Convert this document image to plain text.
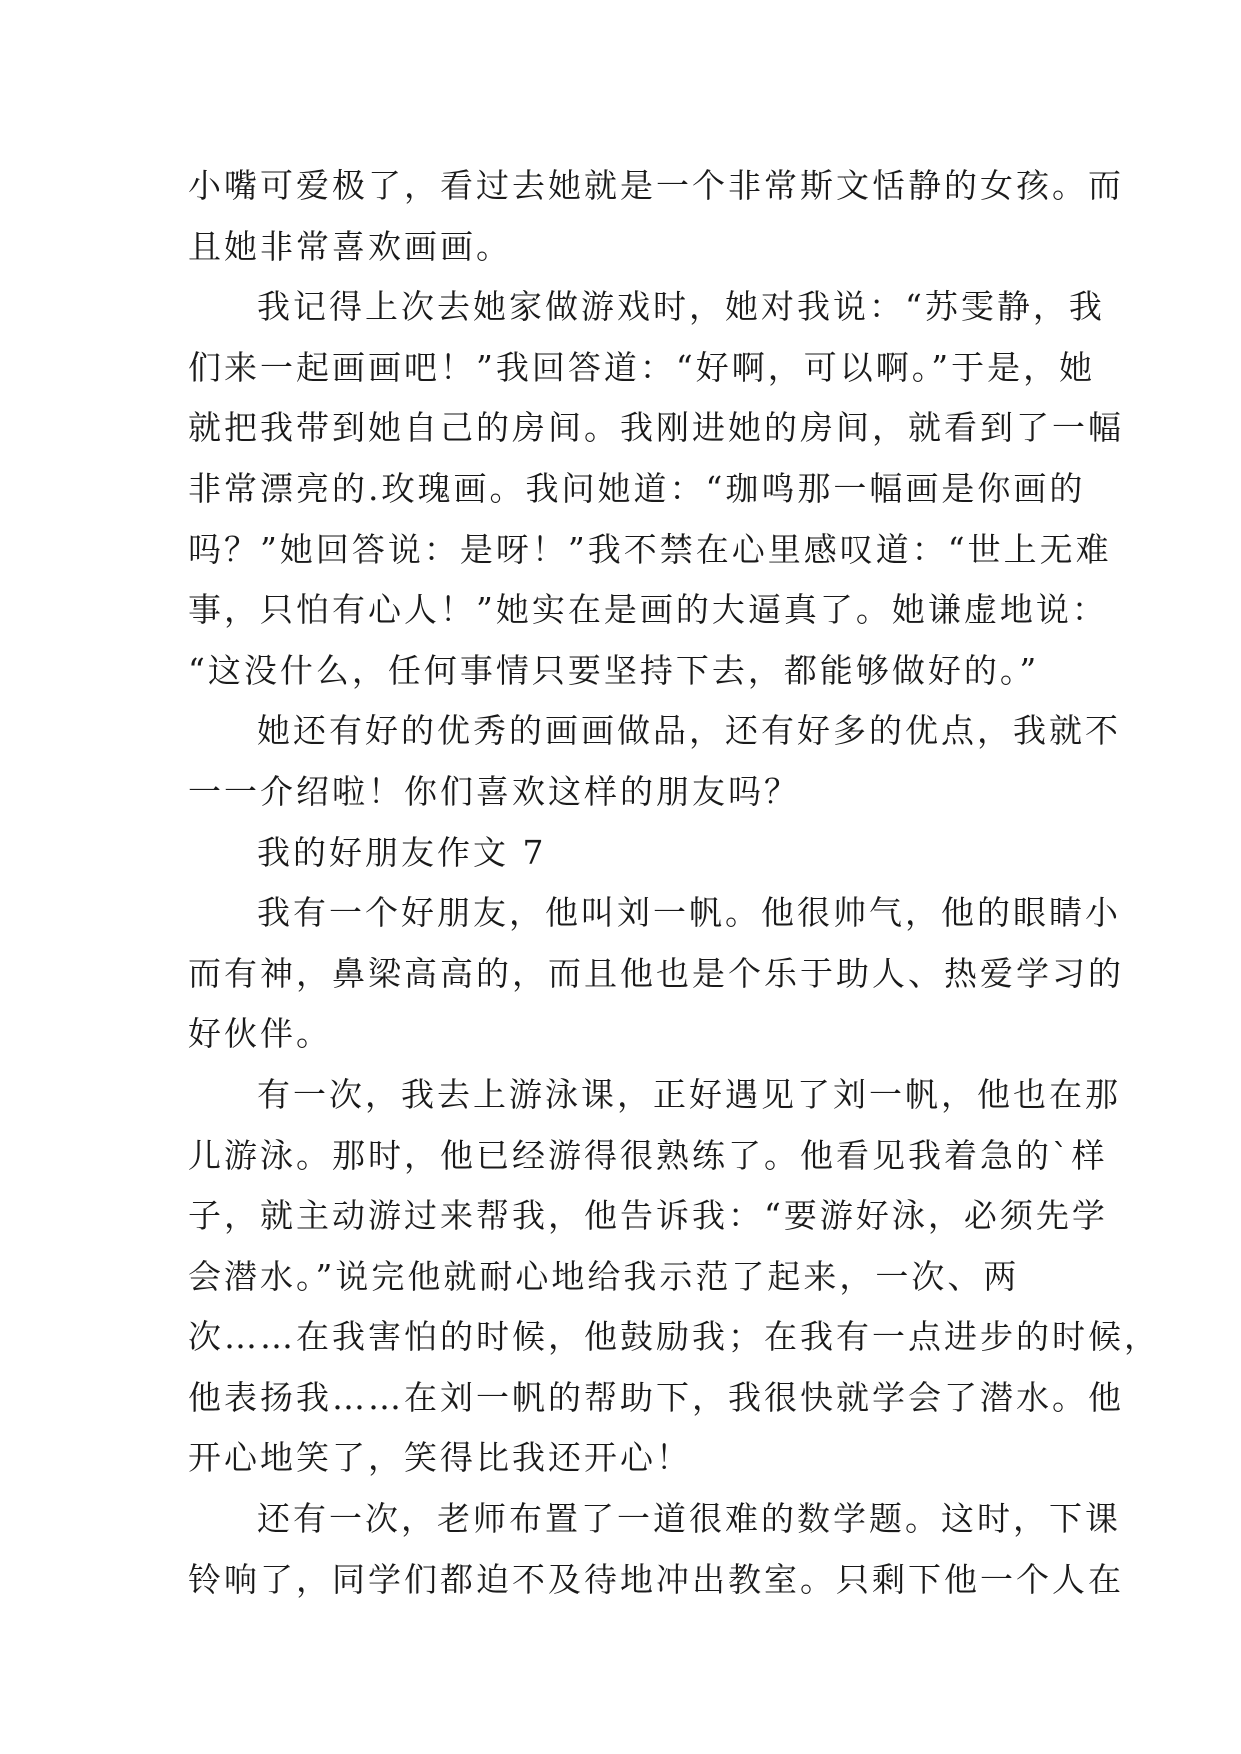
小嘴可爱极了，看过去她就是一个非常斯文恬静的女孩。而
且她非常喜欢画画。
我记得上次去她家做游戏时，她对我说：“苏雯静，我
们来一起画画吧！”我回答道：“好啊，可以啊。”于是，她
就把我带到她自己的房间。我刚进她的房间，就看到了一幅
非常漂亮的.玫瑰画。我问她道：“珈鸣那一幅画是你画的
吗？”她回答说：是呀！”我不禁在心里感叹道：“世上无难
事，只怕有心人！”她实在是画的大逼真了。她谦虚地说：
“这没什么，任何事情只要坚持下去，都能够做好的。”
她还有好的优秀的画画做品，还有好多的优点，我就不
一一介绍啦！你们喜欢这样的朋友吗？
我的好朋友作文 7
我有一个好朋友，他叫刘一帆。他很帅气，他的眼睛小
而有神，鼻梁高高的，而且他也是个乐于助人、热爱学习的
好伙伴。
有一次，我去上游泳课，正好遇见了刘一帆，他也在那
儿游泳。那时，他已经游得很熟练了。他看见我着急的`样
子，就主动游过来帮我，他告诉我：“要游好泳，必须先学
会潜水。”说完他就耐心地给我示范了起来，一次、两
次……在我害怕的时候，他鼓励我；在我有一点进步的时候，
他表扬我……在刘一帆的帮助下，我很快就学会了潜水。他
开心地笑了，笑得比我还开心！
还有一次，老师布置了一道很难的数学题。这时，下课
铃响了，同学们都迫不及待地冲出教室。只剩下他一个人在
